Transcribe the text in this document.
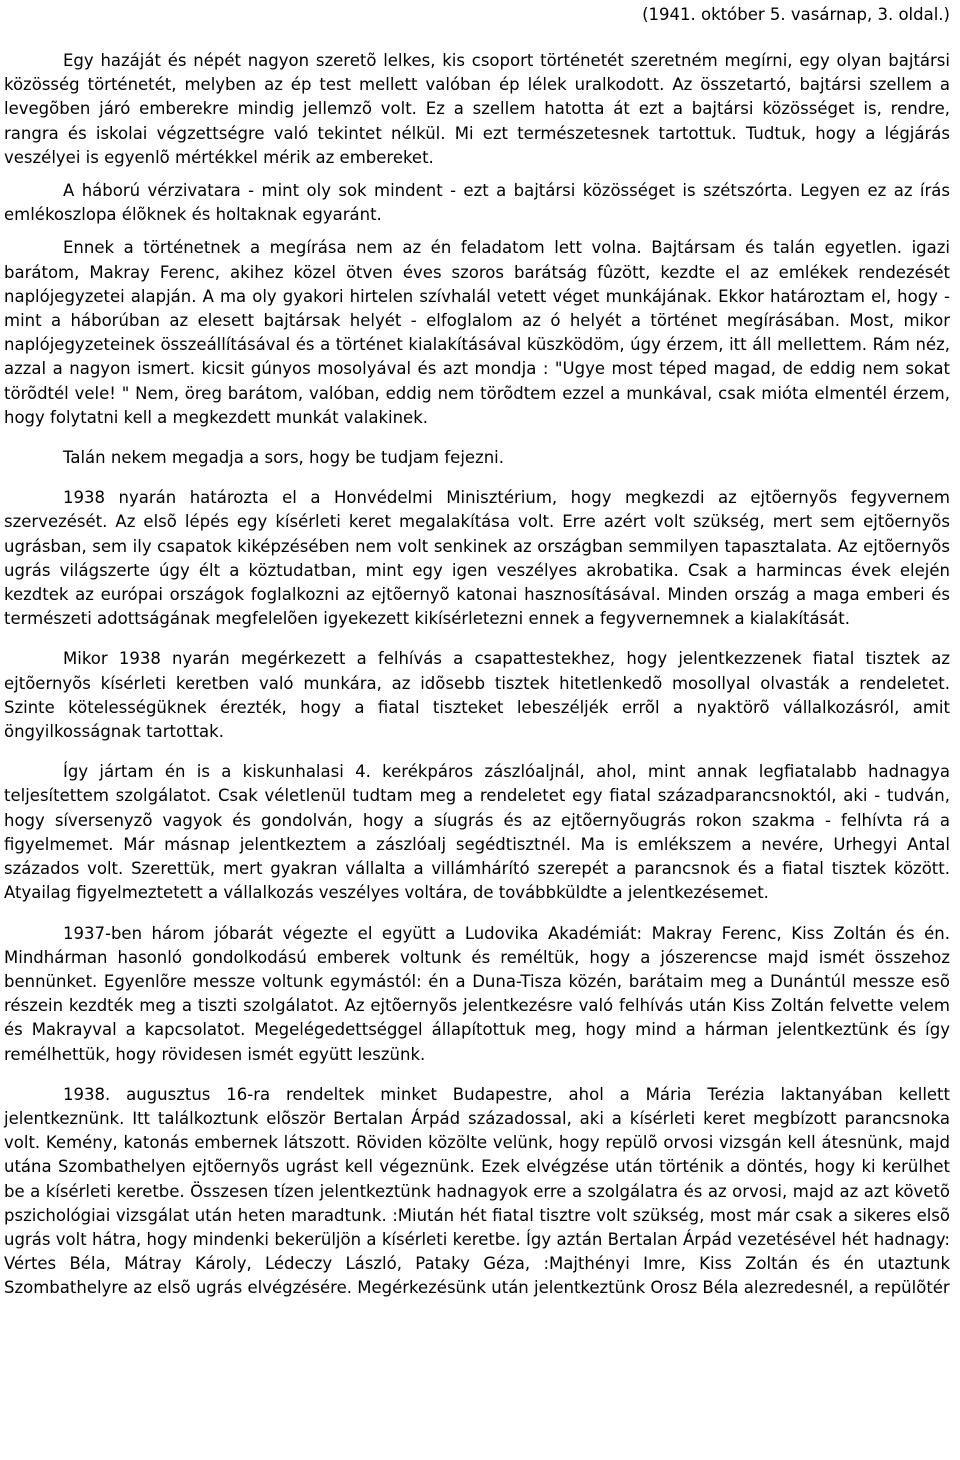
(1941. október 5. vasárnap, 3. oldal.)

Egy hazáját és népét nagyon szeretõ lelkes, kis csoport történetét szeretném megírni, egy olyan bajtársi közösség történetét, melyben az ép test mellett valóban ép lélek uralkodott. Az összetartó, bajtársi szellem a levegõben járó emberekre mindig jellemzõ volt. Ez a szellem hatotta át ezt a bajtársi közösséget is, rendre, rangra és iskolai végzettségre való tekintet nélkül. Mi ezt természetesnek tartottuk. Tudtuk, hogy a légjárás veszélyei is egyenlõ mértékkel mérik az embereket.

A háború vérzivatara - mint oly sok mindent - ezt a bajtársi közösséget is szétszórta. Legyen ez az írás emlékoszlopa élõknek és holtaknak egyaránt.

Ennek a történetnek a megírása nem az én feladatom lett volna. Bajtársam és talán egyetlen. igazi barátom, Makray Ferenc, akihez közel ötven éves szoros barátság fûzött, kezdte el az emlékek rendezését naplójegyzetei alapján. A ma oly gyakori hirtelen szívhalál vetett véget munkájának. Ekkor határoztam el, hogy - mint a háborúban az elesett bajtársak helyét - elfoglalom az ó helyét a történet megírásában. Most, mikor naplójegyzeteinek összeállításával és a történet kialakításával küszködöm, úgy érzem, itt áll mellettem. Rám néz, azzal a nagyon ismert. kicsit gúnyos mosolyával és azt mondja : "Ugye most téped magad, de eddig nem sokat törõdtél vele! " Nem, öreg barátom, valóban, eddig nem törõdtem ezzel a munkával, csak mióta elmentél érzem, hogy folytatni kell a megkezdett munkát valakinek.

Talán nekem megadja a sors, hogy be tudjam fejezni.

1938 nyarán határozta el a Honvédelmi Minisztérium, hogy megkezdi az ejtõernyõs fegyvernem szervezését. Az elsõ lépés egy kísérleti keret megalakítása volt. Erre azért volt szükség, mert sem ejtõernyõs ugrásban, sem ily csapatok kiképzésében nem volt senkinek az országban semmilyen tapasztalata. Az ejtõernyõs ugrás világszerte úgy élt a köztudatban, mint egy igen veszélyes akrobatika. Csak a harmincas évek elején kezdtek az európai országok foglalkozni az ejtõernyõ katonai hasznosításával. Minden ország a maga emberi és természeti adottságának megfelelõen igyekezett kikísérletezni ennek a fegyvernemnek a kialakítását.

Mikor 1938 nyarán megérkezett a felhívás a csapattestekhez, hogy jelentkezzenek fiatal tisztek az ejtõernyõs kísérleti keretben való munkára, az idõsebb tisztek hitetlenkedõ mosollyal olvasták a rendeletet. Szinte kötelességüknek érezték, hogy a fiatal tiszteket lebeszéljék errõl a nyaktörõ vállalkozásról, amit öngyilkosságnak tartottak.

Így jártam én is a kiskunhalasi 4. kerékpáros zászlóaljnál, ahol, mint annak legfiatalabb hadnagya teljesítettem szolgálatot. Csak véletlenül tudtam meg a rendeletet egy fiatal századparancsnoktól, aki - tudván, hogy síversenyzõ vagyok és gondolván, hogy a síugrás és az ejtõernyõugrás rokon szakma - felhívta rá a figyelmemet. Már másnap jelentkeztem a zászlóalj segédtisztnél. Ma is emlékszem a nevére, Urhegyi Antal százados volt. Szerettük, mert gyakran vállalta a villámhárító szerepét a parancsnok és a fiatal tisztek között. Atyailag figyelmeztetett a vállalkozás veszélyes voltára, de továbbküldte a jelentkezésemet.

1937-ben három jóbarát végezte el együtt a Ludovika Akadémiát: Makray Ferenc, Kiss Zoltán és én. Mindhárman hasonló gondolkodású emberek voltunk és reméltük, hogy a jószerencse majd ismét összehoz bennünket. Egyenlõre messze voltunk egymástól: én a Duna-Tisza közén, barátaim meg a Dunántúl messze esõ részein kezdték meg a tiszti szolgálatot. Az ejtõernyõs jelentkezésre való felhívás után Kiss Zoltán felvette velem és Makrayval a kapcsolatot. Megelégedettséggel állapítottuk meg, hogy mind a hárman jelentkeztünk és így remélhettük, hogy rövidesen ismét együtt leszünk.

1938. augusztus 16-ra rendeltek minket Budapestre, ahol a Mária Terézia laktanyában kellett jelentkeznünk. Itt találkoztunk elõször Bertalan Árpád századossal, aki a kísérleti keret megbízott parancsnoka volt. Kemény, katonás embernek látszott. Röviden közölte velünk, hogy repülõ orvosi vizsgán kell átesnünk, majd utána Szombathelyen ejtõernyõs ugrást kell végeznünk. Ezek elvégzése után történik a döntés, hogy ki kerülhet be a kísérleti keretbe. Összesen tízen jelentkeztünk hadnagyok erre a szolgálatra és az orvosi, majd az azt követõ pszichológiai vizsgálat után heten maradtunk. :Miután hét fiatal tisztre volt szükség, most már csak a sikeres elsõ ugrás volt hátra, hogy mindenki bekerüljön a kísérleti keretbe. Így aztán Bertalan Árpád vezetésével hét hadnagy: Vértes Béla, Mátray Károly, Lédeczy László, Pataky Géza, :Majthényi Imre, Kiss Zoltán és én utaztunk Szombathelyre az elsõ ugrás elvégzésére. Megérkezésünk után jelentkeztünk Orosz Béla alezredesnél, a repülõtér
